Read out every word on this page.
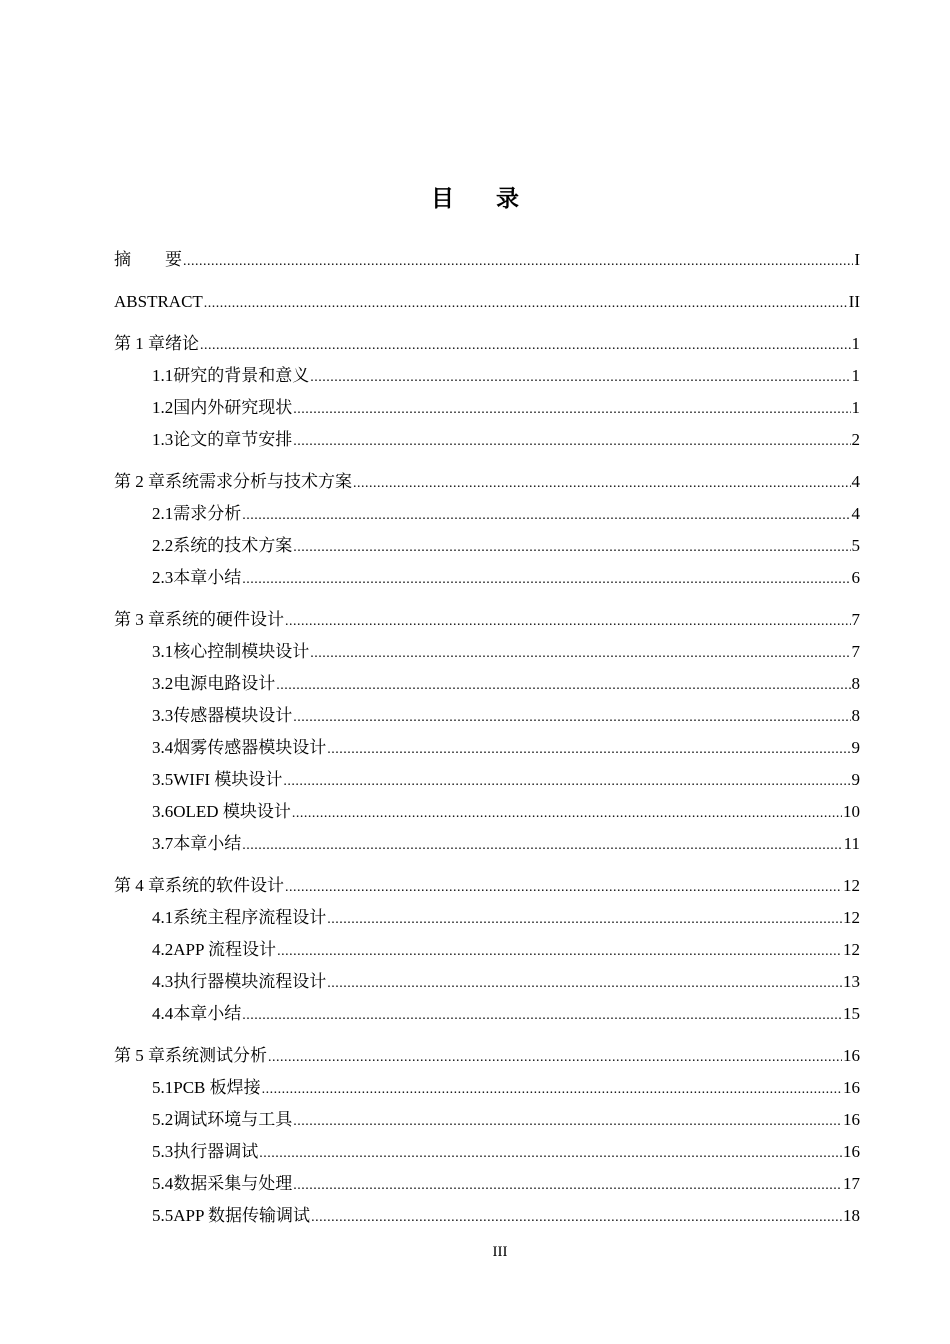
目 录
摘　　要 .....	I
ABSTRACT .....	II
第 1 章 绪论 .....	1
1.1 研究的背景和意义 .....	1
1.2 国内外研究现状 .....	1
1.3 论文的章节安排 .....	2
第 2 章 系统需求分析与技术方案 .....	4
2.1 需求分析 .....	4
2.2 系统的技术方案 .....	5
2.3 本章小结 .....	6
第 3 章 系统的硬件设计 .....	7
3.1 核心控制模块设计 .....	7
3.2 电源电路设计 .....	8
3.3 传感器模块设计 .....	8
3.4 烟雾传感器模块设计 .....	9
3.5 WIFI 模块设计 .....	9
3.6 OLED 模块设计 .....	10
3.7 本章小结 .....	11
第 4 章 系统的软件设计 .....	12
4.1 系统主程序流程设计 .....	12
4.2 APP 流程设计 .....	12
4.3 执行器模块流程设计 .....	13
4.4 本章小结 .....	15
第 5 章 系统测试分析 .....	16
5.1 PCB 板焊接 .....	16
5.2 调试环境与工具 .....	16
5.3 执行器调试 .....	16
5.4 数据采集与处理 .....	17
5.5 APP 数据传输调试 .....	18
III
